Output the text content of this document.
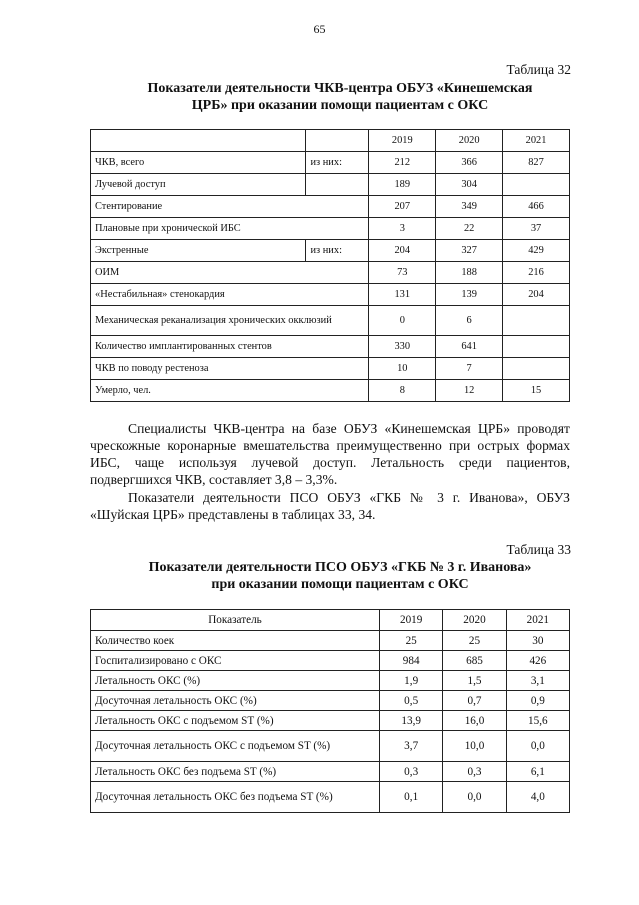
65
Таблица 32
Показатели деятельности ЧКВ-центра ОБУЗ «Кинешемская
ЦРБ» при оказании помощи пациентам с ОКС
		2019	2020	2021
ЧКВ, всего	из них:	212	366	827
Лучевой доступ		189	304	
Стентирование		207	349	466
Плановые при хронической ИБС		3	22	37
Экстренные	из них:	204	327	429
ОИМ		73	188	216
«Нестабильная» стенокардия		131	139	204
Механическая реканализация хронических окклюзий		0	6	
Количество имплантированных стентов		330	641	
ЧКВ по поводу рестеноза		10	7	
Умерло, чел.		8	12	15
Специалисты ЧКВ-центра на базе ОБУЗ «Кинешемская ЦРБ» проводят чрескожные коронарные вмешательства преимущественно при острых формах ИБС, чаще используя лучевой доступ. Летальность среди пациентов, подвергшихся ЧКВ, составляет 3,8 – 3,3%.
Показатели деятельности ПСО ОБУЗ «ГКБ № 3 г. Иванова», ОБУЗ «Шуйская ЦРБ» представлены в таблицах 33, 34.
Таблица 33
Показатели деятельности ПСО ОБУЗ «ГКБ № 3 г. Иванова»
при оказании помощи пациентам с ОКС
Показатель	2019	2020	2021
Количество коек	25	25	30
Госпитализировано с ОКС	984	685	426
Летальность ОКС (%)	1,9	1,5	3,1
Досуточная летальность ОКС (%)	0,5	0,7	0,9
Летальность ОКС с подъемом ST (%)	13,9	16,0	15,6
Досуточная летальность ОКС с подъемом ST (%)	3,7	10,0	0,0
Летальность ОКС без подъема ST (%)	0,3	0,3	6,1
Досуточная летальность ОКС без подъема ST (%)	0,1	0,0	4,0
